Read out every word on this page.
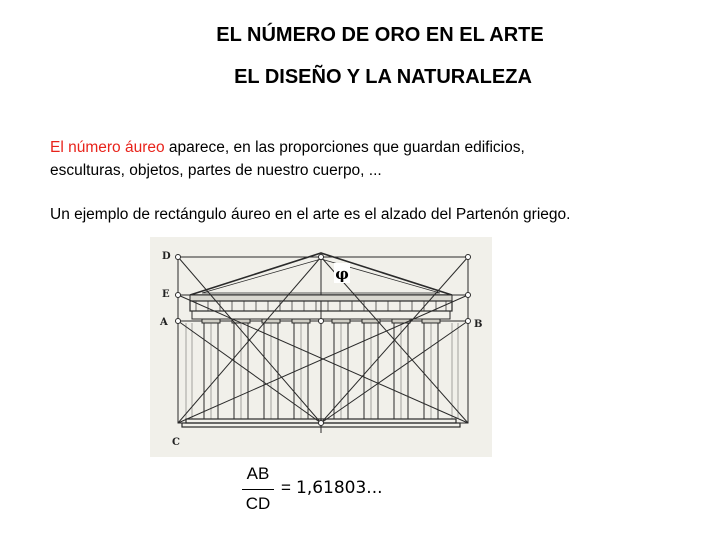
EL NÚMERO DE ORO EN EL ARTE
EL DISEÑO Y LA NATURALEZA
El número áureo aparece, en las proporciones que guardan edificios,
esculturas, objetos, partes de nuestro cuerpo, ...
Un ejemplo de rectángulo áureo en el arte es el alzado del Partenón griego.
φ
D
E
A	B
C
AB
CD
= 1,61803...
